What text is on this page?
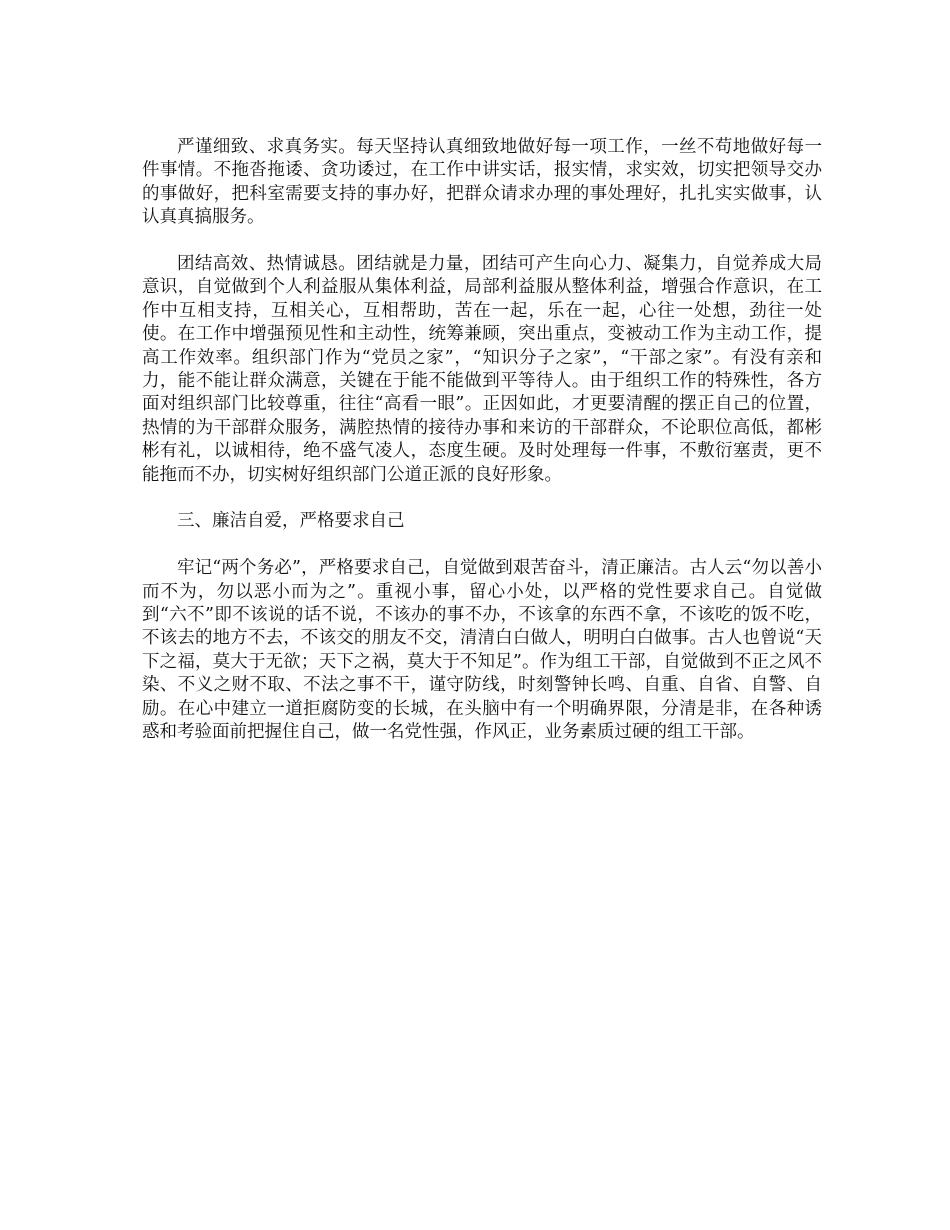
严谨细致、求真务实。每天坚持认真细致地做好每一项工作，一丝不苟地做好每一件事情。不拖沓拖诿、贪功诿过，在工作中讲实话，报实情，求实效，切实把领导交办的事做好，把科室需要支持的事办好，把群众请求办理的事处理好，扎扎实实做事，认认真真搞服务。

团结高效、热情诚恳。团结就是力量，团结可产生向心力、凝集力，自觉养成大局意识，自觉做到个人利益服从集体利益，局部利益服从整体利益，增强合作意识，在工作中互相支持，互相关心，互相帮助，苦在一起，乐在一起，心往一处想，劲往一处使。在工作中增强预见性和主动性，统筹兼顾，突出重点，变被动工作为主动工作，提高工作效率。组织部门作为“党员之家”，“知识分子之家”，“干部之家”。有没有亲和力，能不能让群众满意，关键在于能不能做到平等待人。由于组织工作的特殊性，各方面对组织部门比较尊重，往往“高看一眼”。正因如此，才更要清醒的摆正自己的位置，热情的为干部群众服务，满腔热情的接待办事和来访的干部群众，不论职位高低，都彬彬有礼，以诚相待，绝不盛气凌人，态度生硬。及时处理每一件事，不敷衍塞责，更不能拖而不办，切实树好组织部门公道正派的良好形象。

三、廉洁自爱，严格要求自己

牢记“两个务必”，严格要求自己，自觉做到艰苦奋斗，清正廉洁。古人云“勿以善小而不为，勿以恶小而为之”。重视小事，留心小处，以严格的党性要求自己。自觉做到“六不”即不该说的话不说，不该办的事不办，不该拿的东西不拿，不该吃的饭不吃，不该去的地方不去，不该交的朋友不交，清清白白做人，明明白白做事。古人也曾说“天下之福，莫大于无欲；天下之祸，莫大于不知足”。作为组工干部，自觉做到不正之风不染、不义之财不取、不法之事不干，谨守防线，时刻警钟长鸣、自重、自省、自警、自励。在心中建立一道拒腐防变的长城，在头脑中有一个明确界限，分清是非，在各种诱惑和考验面前把握住自己，做一名党性强，作风正，业务素质过硬的组工干部。
